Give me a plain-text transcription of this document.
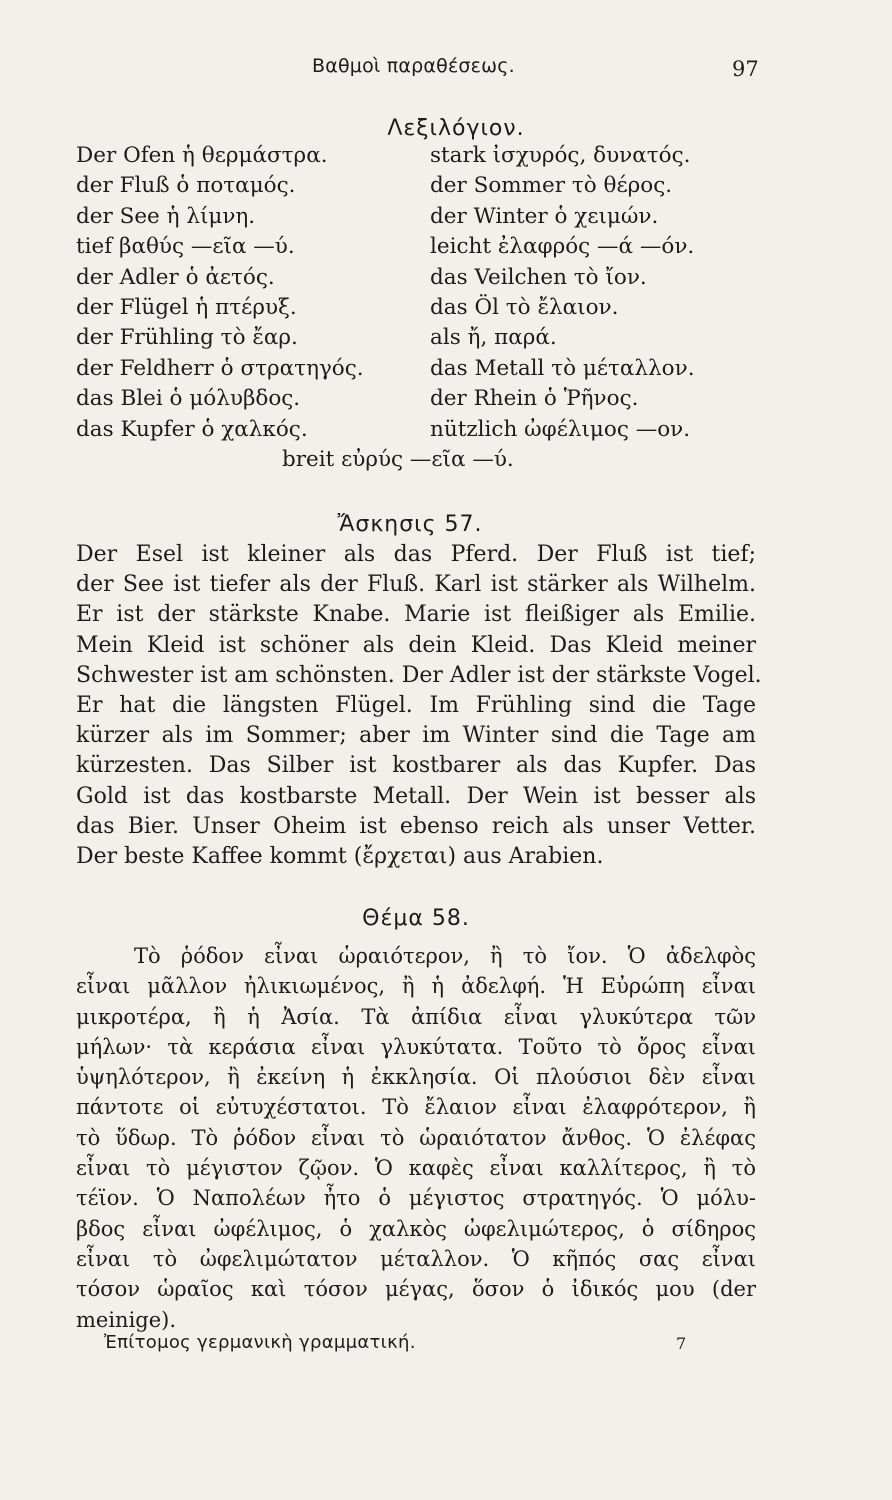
Βαθμοὶ παραθέσεως.	97
Λεξιλόγιον.
Der Ofen ἡ θερμάστρα.
der Fluß ὁ ποταμός.
der See ἡ λίμνη.
tief βαθύς —εῖα —ύ.
der Adler ὁ ἀετός.
der Flügel ἡ πτέρυξ.
der Frühling τὸ ἔαρ.
der Feldherr ὁ στρατηγός.
das Blei ὁ μόλυβδος.
das Kupfer ὁ χαλκός.
stark ἰσχυρός, δυνατός.
der Sommer τὸ θέρος.
der Winter ὁ χειμών.
leicht ἐλαφρός —ά —όν.
das Veilchen τὸ ἴον.
das Öl τὸ ἔλαιον.
als ἤ, παρά.
das Metall τὸ μέταλλον.
der Rhein ὁ Ῥῆνος.
nützlich ὠφέλιμος —ον.
breit εὐρύς —εῖα —ύ.
Ἄσκησις 57.

Der Esel ist kleiner als das Pferd. Der Fluß ist tief;
der See ist tiefer als der Fluß. Karl ist stärker als Wilhelm.
Er ist der stärkste Knabe. Marie ist fleißiger als Emilie.
Mein Kleid ist schöner als dein Kleid. Das Kleid meiner
Schwester ist am schönsten. Der Adler ist der stärkste Vogel.
Er hat die längsten Flügel. Im Frühling sind die Tage
kürzer als im Sommer; aber im Winter sind die Tage am
kürzesten. Das Silber ist kostbarer als das Kupfer. Das
Gold ist das kostbarste Metall. Der Wein ist besser als
das Bier. Unser Oheim ist ebenso reich als unser Vetter.
Der beste Kaffee kommt (ἔρχεται) aus Arabien.

Θέμα 58.

Τὸ ῥόδον εἶναι ὡραιότερον, ἢ τὸ ἴον. Ὁ ἀδελφὸς
εἶναι μᾶλλον ἠλικιωμένος, ἢ ἡ ἀδελφή. Ἡ Εὐρώπη εἶναι
μικροτέρα, ἢ ἡ Ἀσία. Τὰ ἀπίδια εἶναι γλυκύτερα τῶν
μήλων· τὰ κεράσια εἶναι γλυκύτατα. Τοῦτο τὸ ὄρος εἶναι
ὑψηλότερον, ἢ ἐκείνη ἡ ἐκκλησία. Οἱ πλούσιοι δὲν εἶναι
πάντοτε οἱ εὐτυχέστατοι. Τὸ ἔλαιον εἶναι ἐλαφρότερον, ἢ
τὸ ὕδωρ. Τὸ ῥόδον εἶναι τὸ ὡραιότατον ἄνθος. Ὁ ἐλέφας
εἶναι τὸ μέγιστον ζῷον. Ὁ καφὲς εἶναι καλλίτερος, ἢ τὸ
τέϊον. Ὁ Ναπολέων ἦτο ὁ μέγιστος στρατηγός. Ὁ μόλυ-
βδος εἶναι ὠφέλιμος, ὁ χαλκὸς ὠφελιμώτερος, ὁ σίδηρος
εἶναι τὸ ὠφελιμώτατον μέταλλον. Ὁ κῆπός σας εἶναι
τόσον ὡραῖος καὶ τόσον μέγας, ὅσον ὁ ἰδικός μου (der
meinige).

Ἐπίτομος γερμανικὴ γραμματική.	7
